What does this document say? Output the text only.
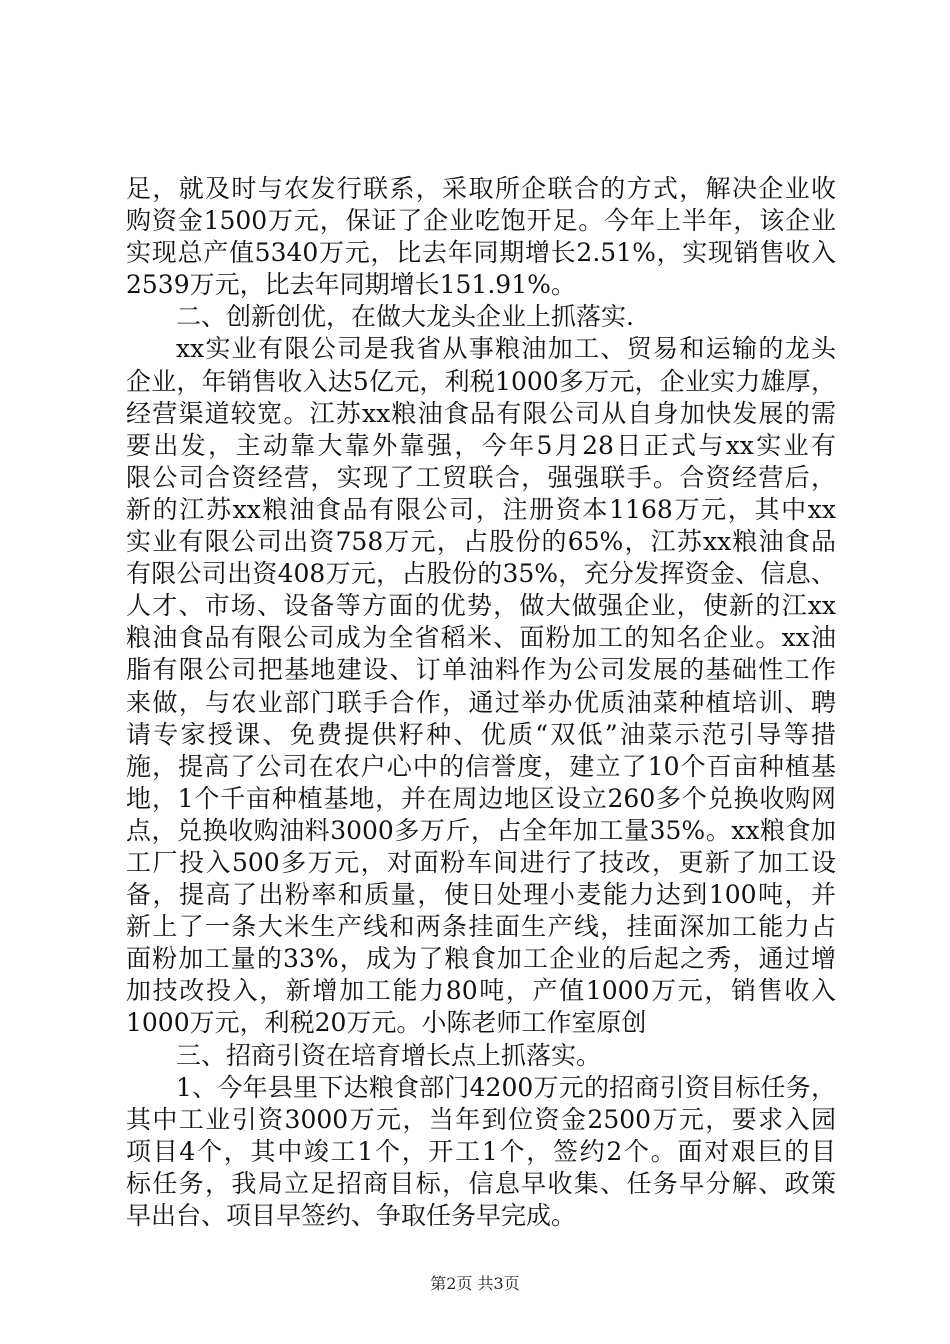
足，就及时与农发行联系，采取所企联合的方式，解决企业收
购资金1500万元，保证了企业吃饱开足。今年上半年，该企业
实现总产值5340万元，比去年同期增长2.51%，实现销售收入
2539万元，比去年同期增长151.91%。
二、创新创优，在做大龙头企业上抓落实.
xx实业有限公司是我省从事粮油加工、贸易和运输的龙头
企业，年销售收入达5亿元，利税1000多万元，企业实力雄厚，
经营渠道较宽。江苏xx粮油食品有限公司从自身加快发展的需
要出发，主动靠大靠外靠强，今年5月28日正式与xx实业有
限公司合资经营，实现了工贸联合，强强联手。合资经营后，
新的江苏xx粮油食品有限公司，注册资本1168万元，其中xx
实业有限公司出资758万元，占股份的65%，江苏xx粮油食品
有限公司出资408万元，占股份的35%，充分发挥资金、信息、
人才、市场、设备等方面的优势，做大做强企业，使新的江xx
粮油食品有限公司成为全省稻米、面粉加工的知名企业。xx油
脂有限公司把基地建设、订单油料作为公司发展的基础性工作
来做，与农业部门联手合作，通过举办优质油菜种植培训、聘
请专家授课、免费提供籽种、优质“双低”油菜示范引导等措
施，提高了公司在农户心中的信誉度，建立了10个百亩种植基
地，1个千亩种植基地，并在周边地区设立260多个兑换收购网
点，兑换收购油料3000多万斤，占全年加工量35%。xx粮食加
工厂投入500多万元，对面粉车间进行了技改，更新了加工设
备，提高了出粉率和质量，使日处理小麦能力达到100吨，并
新上了一条大米生产线和两条挂面生产线，挂面深加工能力占
面粉加工量的33%，成为了粮食加工企业的后起之秀，通过增
加技改投入，新增加工能力80吨，产值1000万元，销售收入
1000万元，利税20万元。小陈老师工作室原创
三、招商引资在培育增长点上抓落实。
1、今年县里下达粮食部门4200万元的招商引资目标任务，
其中工业引资3000万元，当年到位资金2500万元，要求入园
项目4个，其中竣工1个，开工1个，签约2个。面对艰巨的目
标任务，我局立足招商目标，信息早收集、任务早分解、政策
早出台、项目早签约、争取任务早完成。
第2页 共3页
